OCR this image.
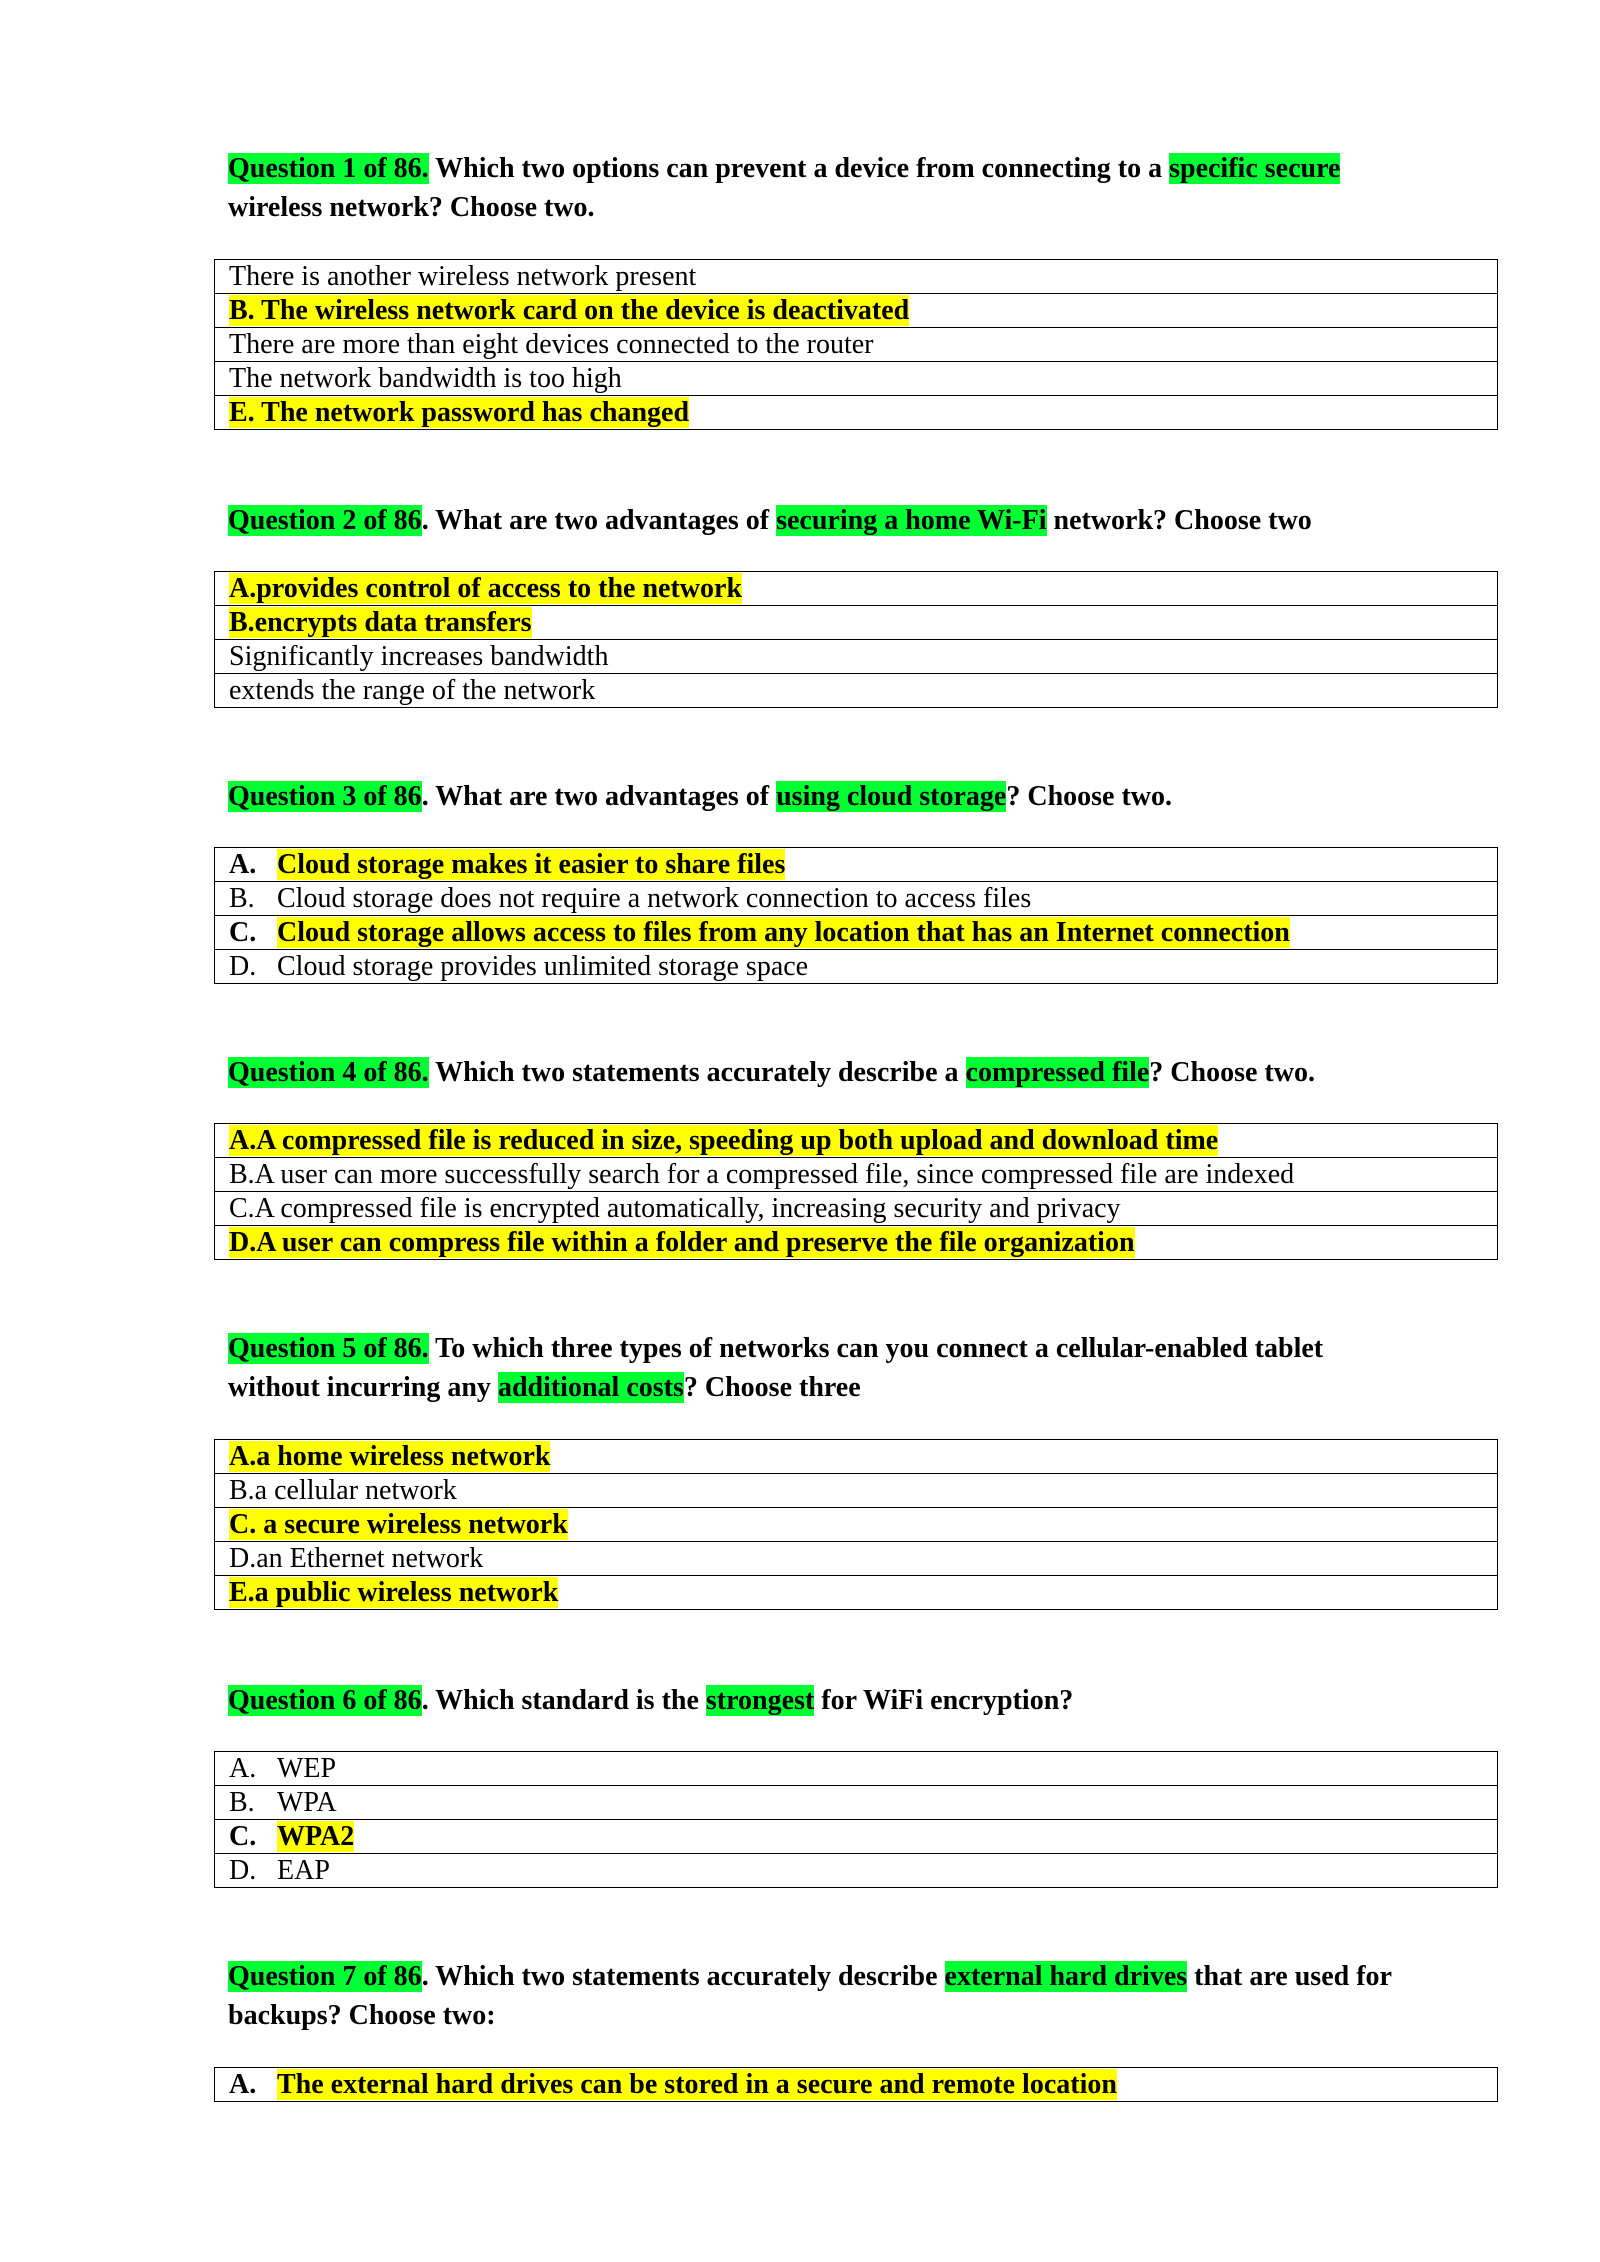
Question 1 of 86. Which two options can prevent a device from connecting to a specific secure
wireless network? Choose two.
There is another wireless network present
B. The wireless network card on the device is deactivated
There are more than eight devices connected to the router
The network bandwidth is too high
E. The network password has changed
Question 2 of 86. What are two advantages of securing a home Wi-Fi network? Choose two
A.provides control of access to the network
B.encrypts data transfers
Significantly increases bandwidth
extends the range of the network
Question 3 of 86. What are two advantages of using cloud storage? Choose two.
A. Cloud storage makes it easier to share files
B. Cloud storage does not require a network connection to access files
C. Cloud storage allows access to files from any location that has an Internet connection
D. Cloud storage provides unlimited storage space
Question 4 of 86. Which two statements accurately describe a compressed file? Choose two.
A.A compressed file is reduced in size, speeding up both upload and download time
B.A user can more successfully search for a compressed file, since compressed file are indexed
C.A compressed file is encrypted automatically, increasing security and privacy
D.A user can compress file within a folder and preserve the file organization
Question 5 of 86. To which three types of networks can you connect a cellular-enabled tablet
without incurring any additional costs? Choose three
A.a home wireless network
B.a cellular network
C. a secure wireless network
D.an Ethernet network
E.a public wireless network
Question 6 of 86. Which standard is the strongest for WiFi encryption?
A. WEP
B. WPA
C. WPA2
D. EAP
Question 7 of 86. Which two statements accurately describe external hard drives that are used for
backups? Choose two:
A. The external hard drives can be stored in a secure and remote location
